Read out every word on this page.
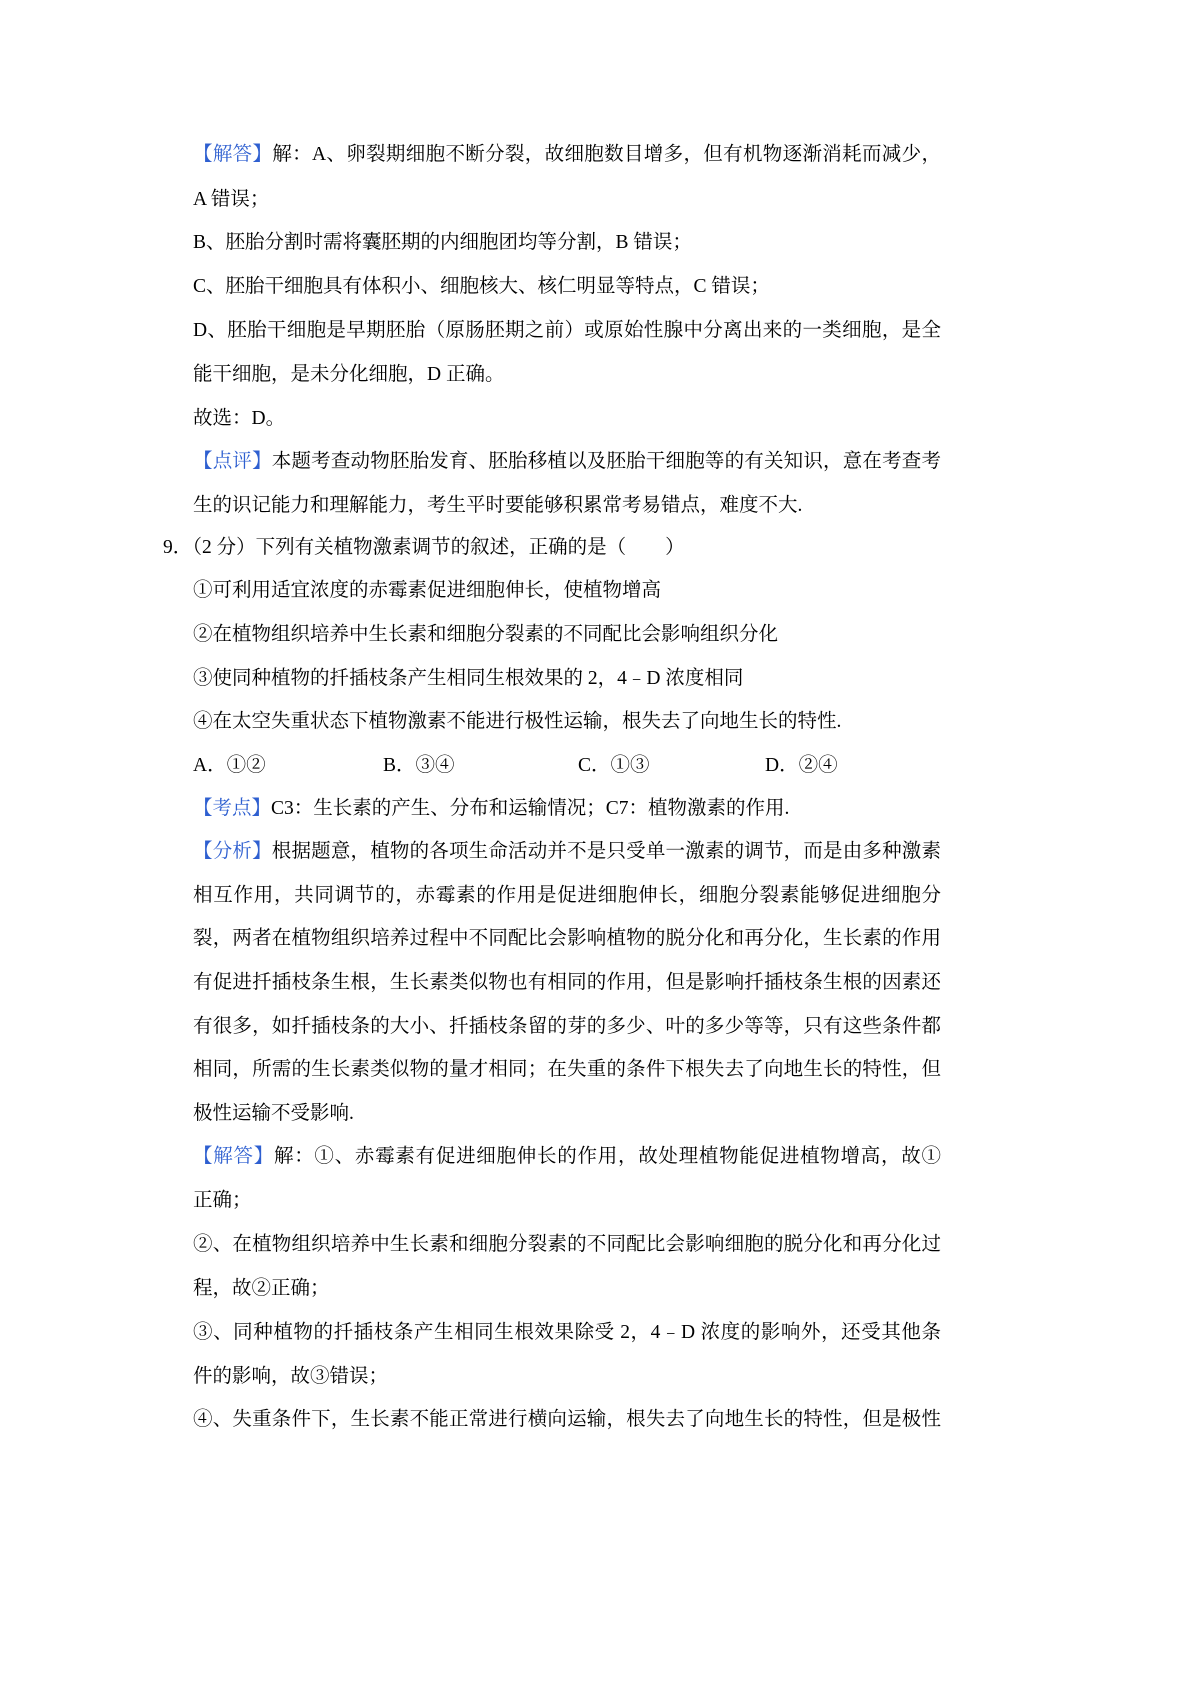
【解答】解：A、卵裂期细胞不断分裂，故细胞数目增多，但有机物逐渐消耗而减少，
A 错误；
B、胚胎分割时需将囊胚期的内细胞团均等分割，B 错误；
C、胚胎干细胞具有体积小、细胞核大、核仁明显等特点，C 错误；
D、胚胎干细胞是早期胚胎（原肠胚期之前）或原始性腺中分离出来的一类细胞，是全
能干细胞，是未分化细胞，D 正确。
故选：D。
【点评】本题考查动物胚胎发育、胚胎移植以及胚胎干细胞等的有关知识，意在考查考
生的识记能力和理解能力，考生平时要能够积累常考易错点，难度不大.
9．（2 分）下列有关植物激素调节的叙述，正确的是（　　）
①可利用适宜浓度的赤霉素促进细胞伸长，使植物增高
②在植物组织培养中生长素和细胞分裂素的不同配比会影响组织分化
③使同种植物的扦插枝条产生相同生根效果的 2，4﹣D 浓度相同
④在太空失重状态下植物激素不能进行极性运输，根失去了向地生长的特性.
A．①②	B．③④	C．①③	D．②④
【考点】C3：生长素的产生、分布和运输情况；C7：植物激素的作用.
【分析】根据题意，植物的各项生命活动并不是只受单一激素的调节，而是由多种激素
相互作用，共同调节的，赤霉素的作用是促进细胞伸长，细胞分裂素能够促进细胞分
裂，两者在植物组织培养过程中不同配比会影响植物的脱分化和再分化，生长素的作用
有促进扦插枝条生根，生长素类似物也有相同的作用，但是影响扦插枝条生根的因素还
有很多，如扦插枝条的大小、扦插枝条留的芽的多少、叶的多少等等，只有这些条件都
相同，所需的生长素类似物的量才相同；在失重的条件下根失去了向地生长的特性，但
极性运输不受影响.
【解答】解：①、赤霉素有促进细胞伸长的作用，故处理植物能促进植物增高，故①
正确；
②、在植物组织培养中生长素和细胞分裂素的不同配比会影响细胞的脱分化和再分化过
程，故②正确；
③、同种植物的扦插枝条产生相同生根效果除受 2，4﹣D 浓度的影响外，还受其他条
件的影响，故③错误；
④、失重条件下，生长素不能正常进行横向运输，根失去了向地生长的特性，但是极性
